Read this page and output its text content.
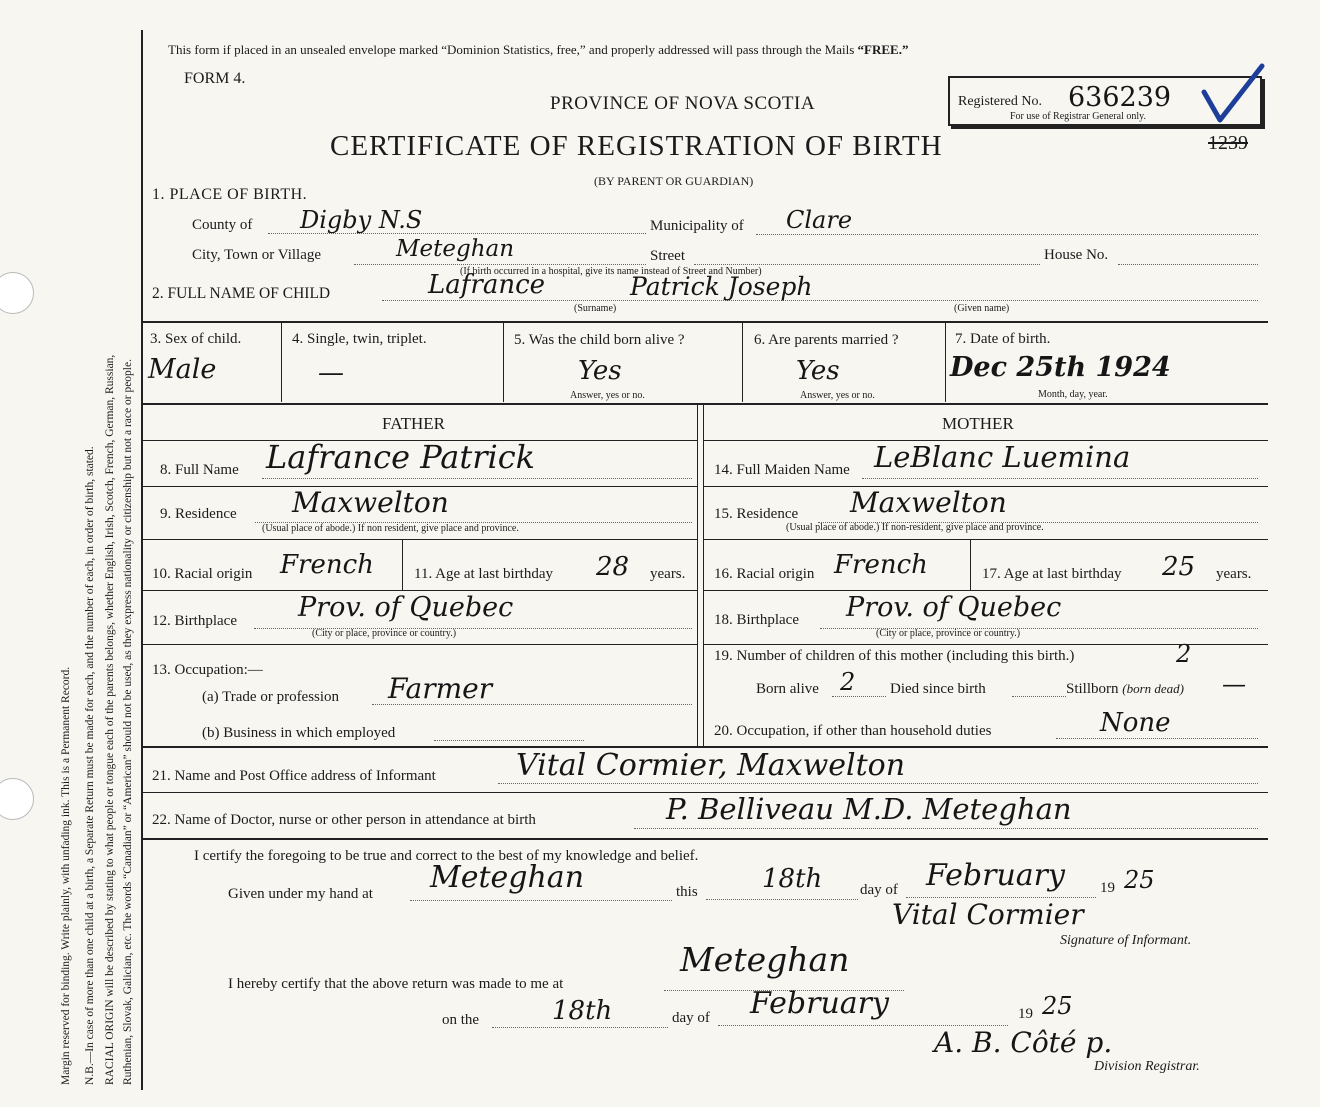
Margin reserved for binding. Write plainly, with unfading ink. This is a Permanent Record. N.B.—In case of more than one child at a birth, a Separate Return must be made for each, and the number of each, in order of birth, stated. RACIAL ORIGIN will be described by stating to what people or tongue each of the parents belongs, whether English, Irish, Scotch, French, German, Russian, Ruthenian, Slovak, Galician, etc. The words “Canadian” or “American” should not be used, as they express nationality or citizenship but not a race or people.
This form if placed in an unsealed envelope marked “Dominion Statistics, free,” and properly addressed will pass through the Mails “FREE.”
FORM 4.
PROVINCE OF NOVA SCOTIA
CERTIFICATE OF REGISTRATION OF BIRTH
(BY PARENT OR GUARDIAN)
Registered No. 636239
For use of Registrar General only.
1239
1. PLACE OF BIRTH.
County of Digby N.S	Municipality of Clare
City, Town or Village	Meteghan	Street	House No.
(If birth occurred in a hospital, give its name instead of Street and Number)
2. FULL NAME OF CHILD	Lafrance	Patrick Joseph
(Surname)	(Given name)
3. Sex of child.
Male
4. Single, twin, triplet.
—
5. Was the child born alive ?
Yes
Answer, yes or no.
6. Are parents married ?
Yes
Answer, yes or no.
7. Date of birth.
Dec 25th 1924
Month, day, year.
FATHER
8. Full Name Lafrance Patrick
9. Residence Maxwelton
(Usual place of abode.) If non resident, give place and province.
10. Racial origin French	11. Age at last birthday 28 years.
12. Birthplace Prov. of Quebec
(City or place, province or country.)
13. Occupation:—
(a) Trade or profession Farmer
(b) Business in which employed
MOTHER
14. Full Maiden Name LeBlanc Luemina
15. Residence Maxwelton
(Usual place of abode.) If non-resident, give place and province.
16. Racial origin French	17. Age at last birthday 25 years.
18. Birthplace Prov. of Quebec
(City or place, province or country.)
19. Number of children of this mother (including this birth.)	2
Born alive 2 Died since birth	Stillborn (born dead) —
20. Occupation, if other than household duties	None
21. Name and Post Office address of Informant	Vital Cormier, Maxwelton
22. Name of Doctor, nurse or other person in attendance at birth	P. Belliveau M.D. Meteghan
I certify the foregoing to be true and correct to the best of my knowledge and belief.
Given under my hand at Meteghan	this 18th	day of February 19 25
Vital Cormier
Signature of Informant.
I hereby certify that the above return was made to me at
Meteghan
on the	18th	day of February	19 25
A. B. Côté p.
Division Registrar.
